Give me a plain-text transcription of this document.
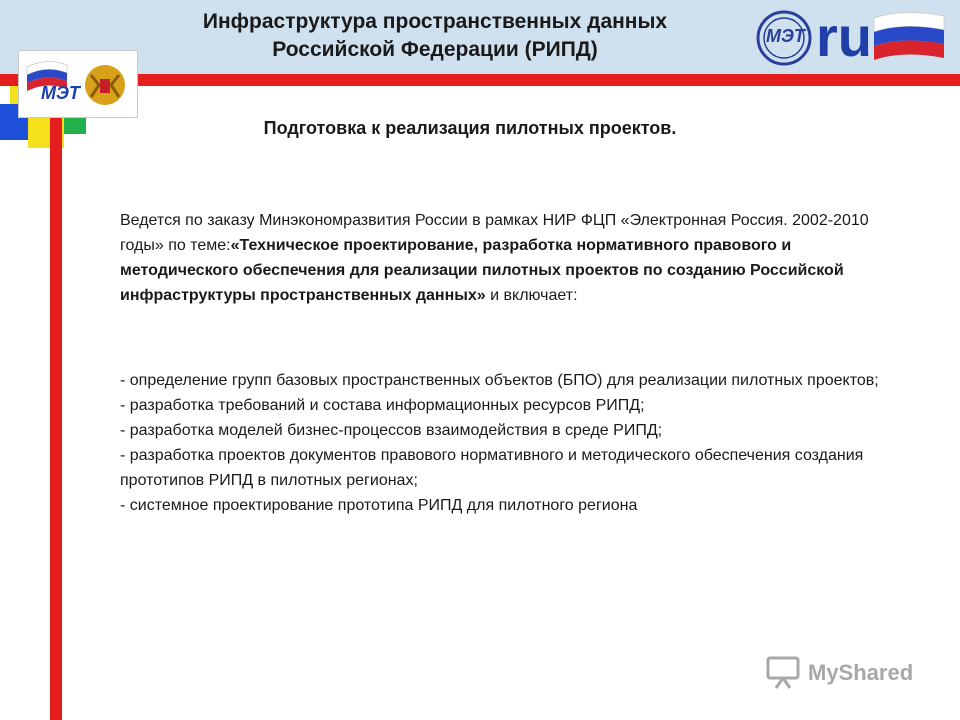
Инфраструктура пространственных данных
Российской Федерации (РИПД)
МЭТ
МЭТ ru
Подготовка к реализация пилотных проектов.
Ведется по заказу Минэкономразвития России в рамках НИР ФЦП «Электронная Россия. 2002-2010 годы» по теме:«Техническое проектирование, разработка нормативного правового и методического обеспечения для реализации пилотных проектов по созданию Российской инфраструктуры пространственных данных» и включает:
- определение групп базовых пространственных объектов (БПО) для реализации пилотных проектов;
- разработка требований и состава информационных ресурсов РИПД;
- разработка моделей бизнес-процессов взаимодействия в среде РИПД;
- разработка проектов документов правового нормативного и методического обеспечения создания прототипов РИПД в пилотных регионах;
- системное проектирование прототипа РИПД для пилотного региона
MyShared
